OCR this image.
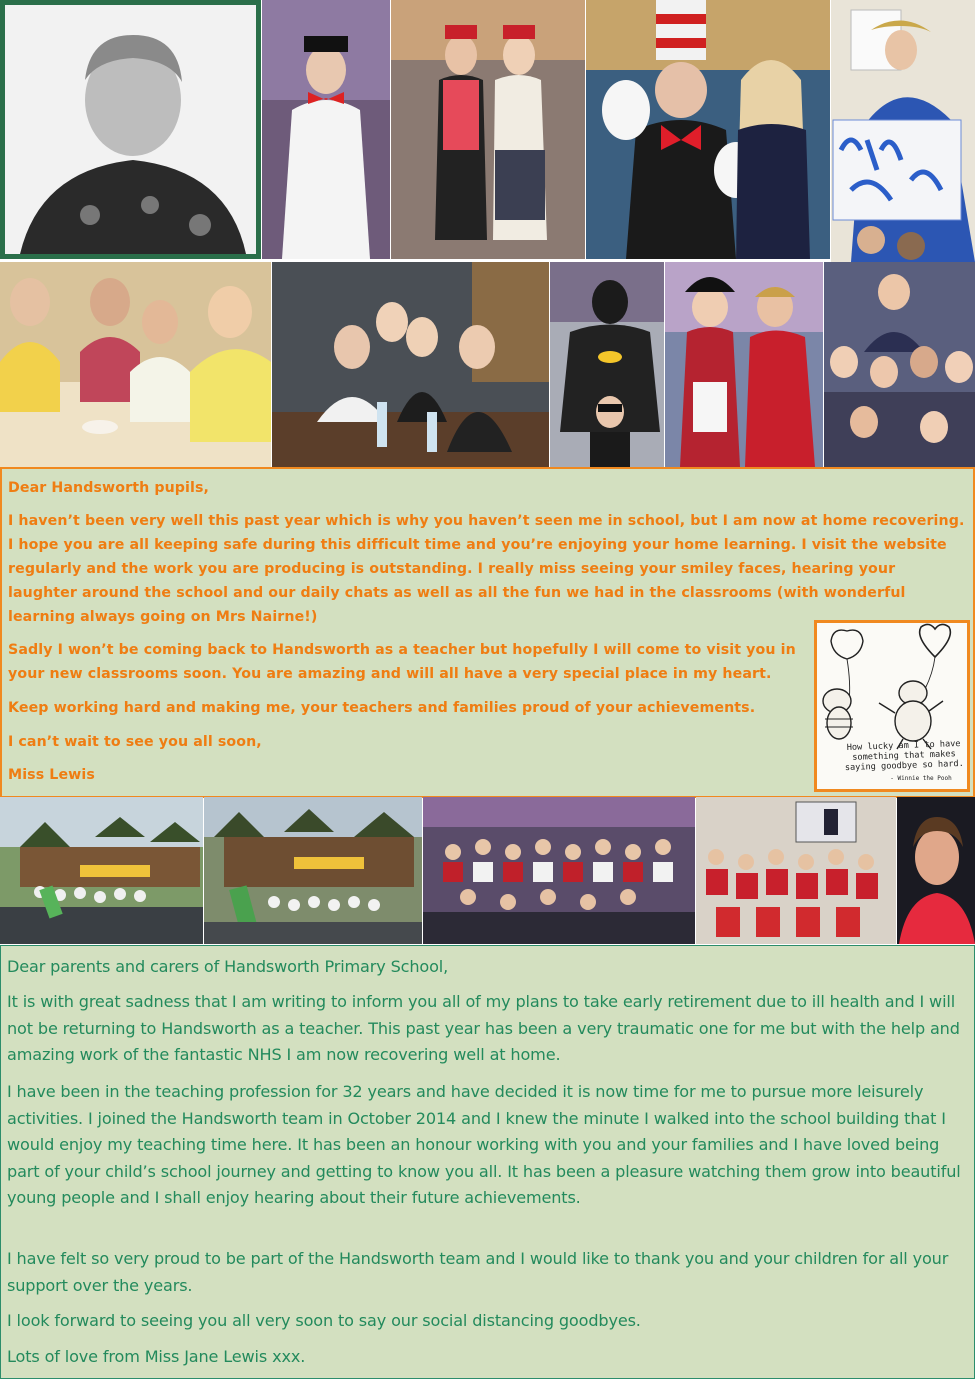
Dear Handsworth pupils,

I haven’t been very well this past year which is why you haven’t seen me in school, but I am now at home recovering. I hope you are all keeping safe during this difficult time and you’re enjoying your home learning. I visit the website regularly and the work you are producing is outstanding. I really miss seeing your smiley faces, hearing your laughter around the school and our daily chats as well as all the fun we had in the classrooms (with wonderful learning always going on Mrs Nairne!)

Sadly I won’t be coming back to Handsworth as a teacher but hopefully I will come to visit you in your new classrooms soon. You are amazing and will all have a very special place in my heart.

Keep working hard and making me, your teachers and families proud of your achievements.

I can’t wait to see you all soon,

Miss Lewis

How lucky am I to have something that makes saying goodbye so hard.
- Winnie the Pooh

Dear parents and carers of Handsworth Primary School,

It is with great sadness that I am writing to inform you all of my plans to take early retirement due to ill health and I will not be returning to Handsworth as a teacher. This past year has been a very traumatic one for me but with the help and amazing work of the fantastic NHS I am now recovering well at home.

I have been in the teaching profession for 32 years and have decided it is now time for me to pursue more leisurely activities. I joined the Handsworth team in October 2014 and I knew the minute I walked into the school building that I would enjoy my teaching time here. It has been an honour working with you and your families and I have loved being part of your child’s school journey and getting to know you all. It has been a pleasure watching them grow into beautiful young people and I shall enjoy hearing about their future achievements.

I have felt so very proud to be part of the Handsworth team and I would like to thank you and your children for all your support over the years.

I look forward to seeing you all very soon to say our social distancing goodbyes.

Lots of love from Miss Jane Lewis xxx.
